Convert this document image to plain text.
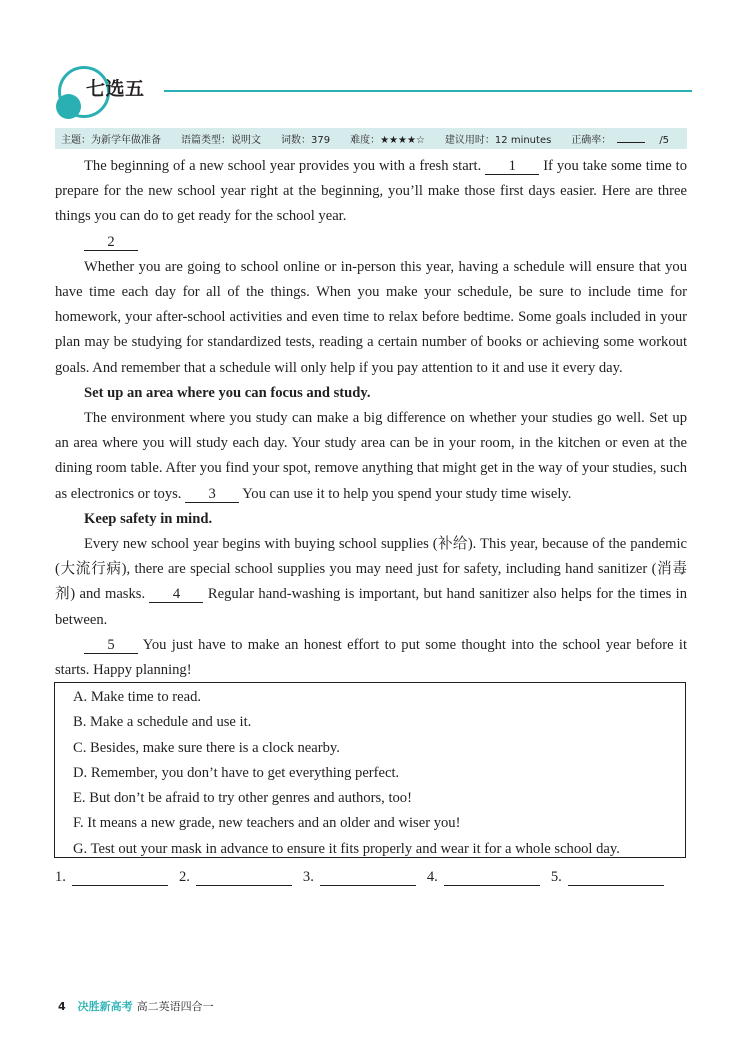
七选五
主题：为新学年做准备 语篇类型：说明文 词数：379 难度：★★★★☆ 建议用时：12 minutes 正确率：	/5

The beginning of a new school year provides you with a fresh start. 1 If you take some time to prepare for the new school year right at the beginning, you’ll make those first days easier. Here are three things you can do to get ready for the school year.

2

Whether you are going to school online or in-person this year, having a schedule will ensure that you have time each day for all of the things. When you make your schedule, be sure to include time for homework, your after-school activities and even time to relax before bedtime. Some goals included in your plan may be studying for standardized tests, reading a certain number of books or achieving some workout goals. And remember that a schedule will only help if you pay attention to it and use it every day.

Set up an area where you can focus and study.

The environment where you study can make a big difference on whether your studies go well. Set up an area where you will study each day. Your study area can be in your room, in the kitchen or even at the dining room table. After you find your spot, remove anything that might get in the way of your studies, such as electronics or toys. 3 You can use it to help you spend your study time wisely.

Keep safety in mind.

Every new school year begins with buying school supplies (补给). This year, because of the pandemic (大流行病), there are special school supplies you may need just for safety, including hand sanitizer (消毒剂) and masks. 4 Regular hand-washing is important, but hand sanitizer also helps for the times in between.

5 You just have to make an honest effort to put some thought into the school year before it starts. Happy planning!

A. Make time to read.
B. Make a schedule and use it.
C. Besides, make sure there is a clock nearby.
D. Remember, you don’t have to get everything perfect.
E. But don’t be afraid to try other genres and authors, too!
F. It means a new grade, new teachers and an older and wiser you!
G. Test out your mask in advance to ensure it fits properly and wear it for a whole school day.
1.	2.	3.	4.	5.
4 决胜新高考 高二英语四合一
